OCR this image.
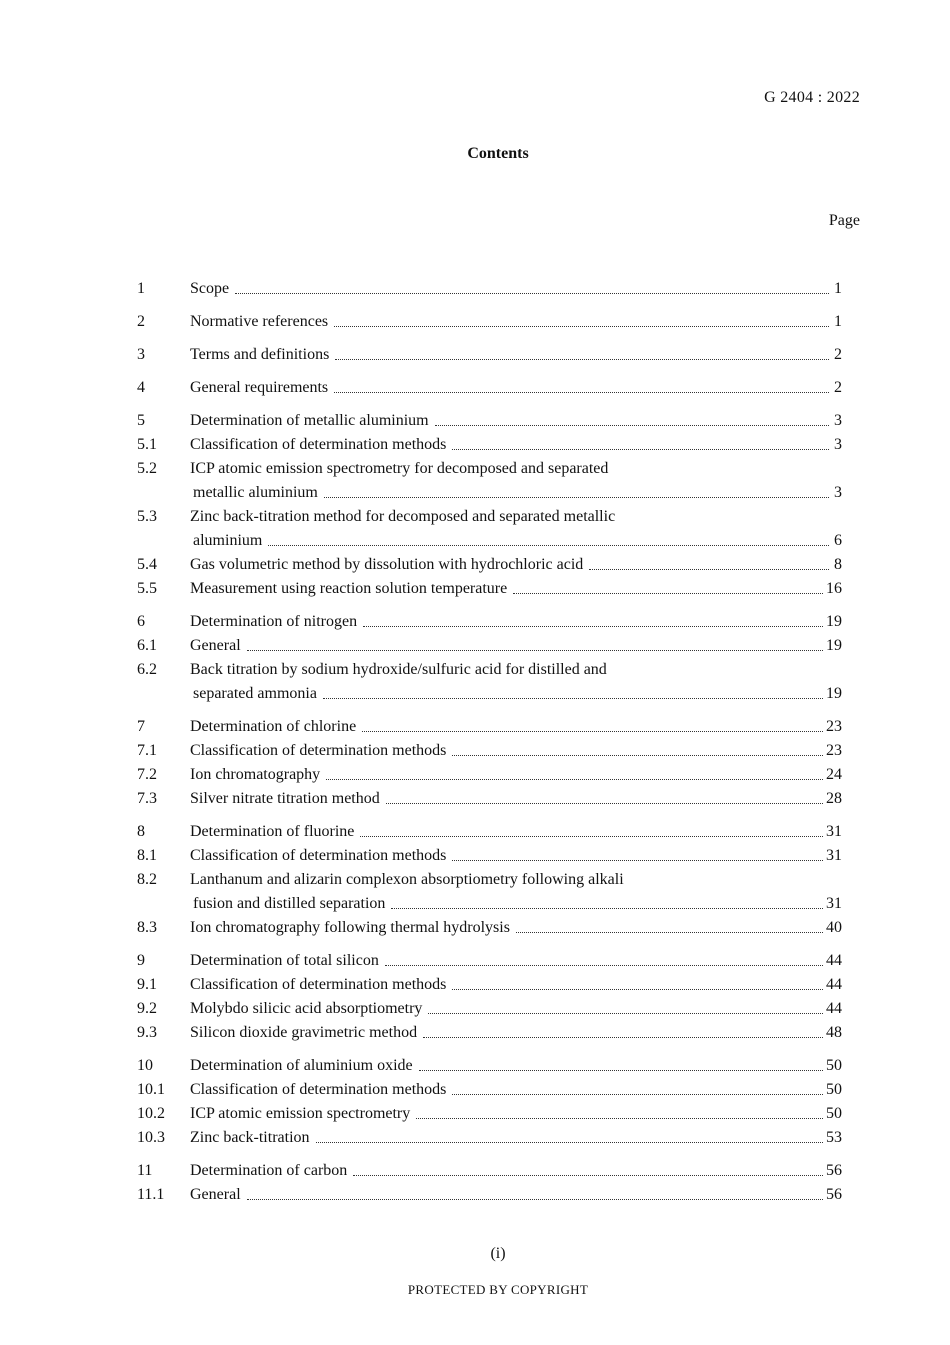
G 2404 : 2022
Contents
Page
1	Scope	1
2	Normative references	1
3	Terms and definitions	2
4	General requirements	2
5	Determination of metallic aluminium	3
5.1	Classification of determination methods	3
5.2	ICP atomic emission spectrometry for decomposed and separated
metallic aluminium	3
5.3	Zinc back-titration method for decomposed and separated metallic
aluminium	6
5.4	Gas volumetric method by dissolution with hydrochloric acid	8
5.5	Measurement using reaction solution temperature	16
6	Determination of nitrogen	19
6.1	General	19
6.2	Back titration by sodium hydroxide/sulfuric acid for distilled and
separated ammonia	19
7	Determination of chlorine	23
7.1	Classification of determination methods	23
7.2	Ion chromatography	24
7.3	Silver nitrate titration method	28
8	Determination of fluorine	31
8.1	Classification of determination methods	31
8.2	Lanthanum and alizarin complexon absorptiometry following alkali
fusion and distilled separation	31
8.3	Ion chromatography following thermal hydrolysis	40
9	Determination of total silicon	44
9.1	Classification of determination methods	44
9.2	Molybdo silicic acid absorptiometry	44
9.3	Silicon dioxide gravimetric method	48
10	Determination of aluminium oxide	50
10.1	Classification of determination methods	50
10.2	ICP atomic emission spectrometry	50
10.3	Zinc back-titration	53
11	Determination of carbon	56
11.1	General	56
(i)
PROTECTED BY COPYRIGHT
